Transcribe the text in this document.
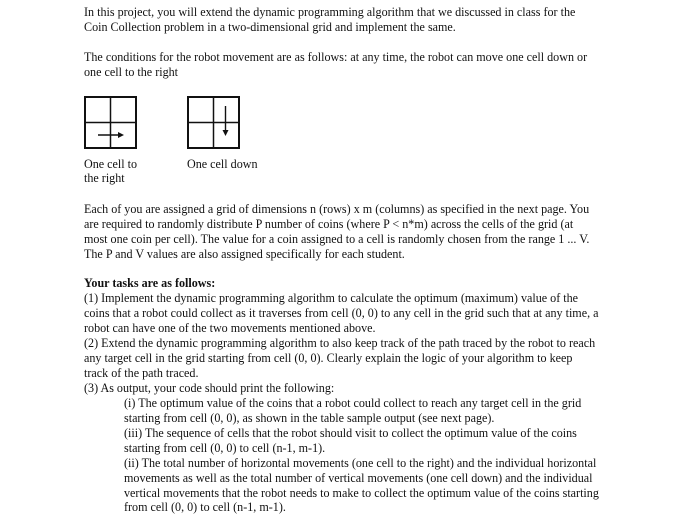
In this project, you will extend the dynamic programming algorithm that we discussed in class for the
Coin Collection problem in a two-dimensional grid and implement the same.
The conditions for the robot movement are as follows: at any time, the robot can move one cell down or
one cell to the right
One cell to
the right
One cell down
Each of you are assigned a grid of dimensions n (rows) x m (columns) as specified in the next page. You
are required to randomly distribute P number of coins (where P < n*m) across the cells of the grid (at
most one coin per cell). The value for a coin assigned to a cell is randomly chosen from the range 1 ... V.
The P and V values are also assigned specifically for each student.
Your tasks are as follows:
(1) Implement the dynamic programming algorithm to calculate the optimum (maximum) value of the
coins that a robot could collect as it traverses from cell (0, 0) to any cell in the grid such that at any time, a
robot can have one of the two movements mentioned above.
(2) Extend the dynamic programming algorithm to also keep track of the path traced by the robot to reach
any target cell in the grid starting from cell (0, 0). Clearly explain the logic of your algorithm to keep
track of the path traced.
(3) As output, your code should print the following:
(i) The optimum value of the coins that a robot could collect to reach any target cell in the grid
starting from cell (0, 0), as shown in the table sample output (see next page).
(iii) The sequence of cells that the robot should visit to collect the optimum value of the coins
starting from cell (0, 0) to cell (n-1, m-1).
(ii) The total number of horizontal movements (one cell to the right) and the individual horizontal
movements as well as the total number of vertical movements (one cell down) and the individual
vertical movements that the robot needs to make to collect the optimum value of the coins starting
from cell (0, 0) to cell (n-1, m-1).
